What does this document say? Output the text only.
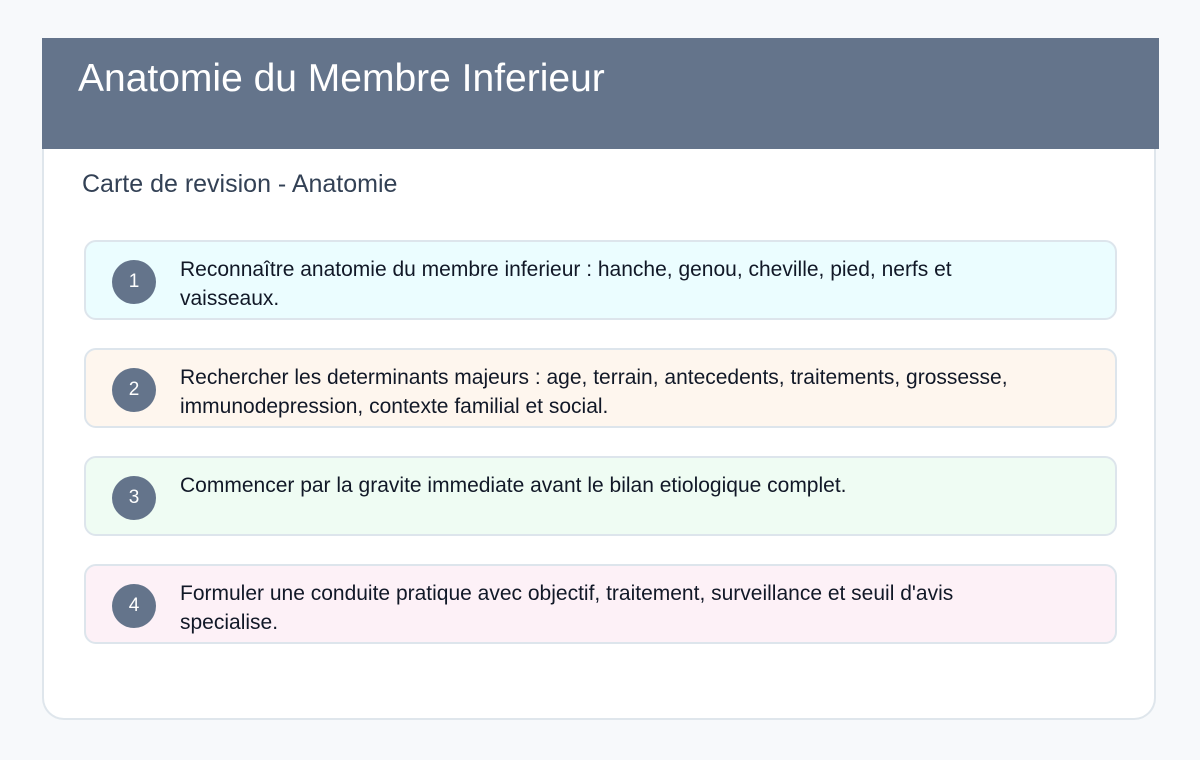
Anatomie du Membre Inferieur
Carte de revision - Anatomie
1
Reconnaître anatomie du membre inferieur : hanche, genou, cheville, pied, nerfs et vaisseaux.
2
Rechercher les determinants majeurs : age, terrain, antecedents, traitements, grossesse, immunodepression, contexte familial et social.
3
Commencer par la gravite immediate avant le bilan etiologique complet.
4
Formuler une conduite pratique avec objectif, traitement, surveillance et seuil d'avis specialise.
